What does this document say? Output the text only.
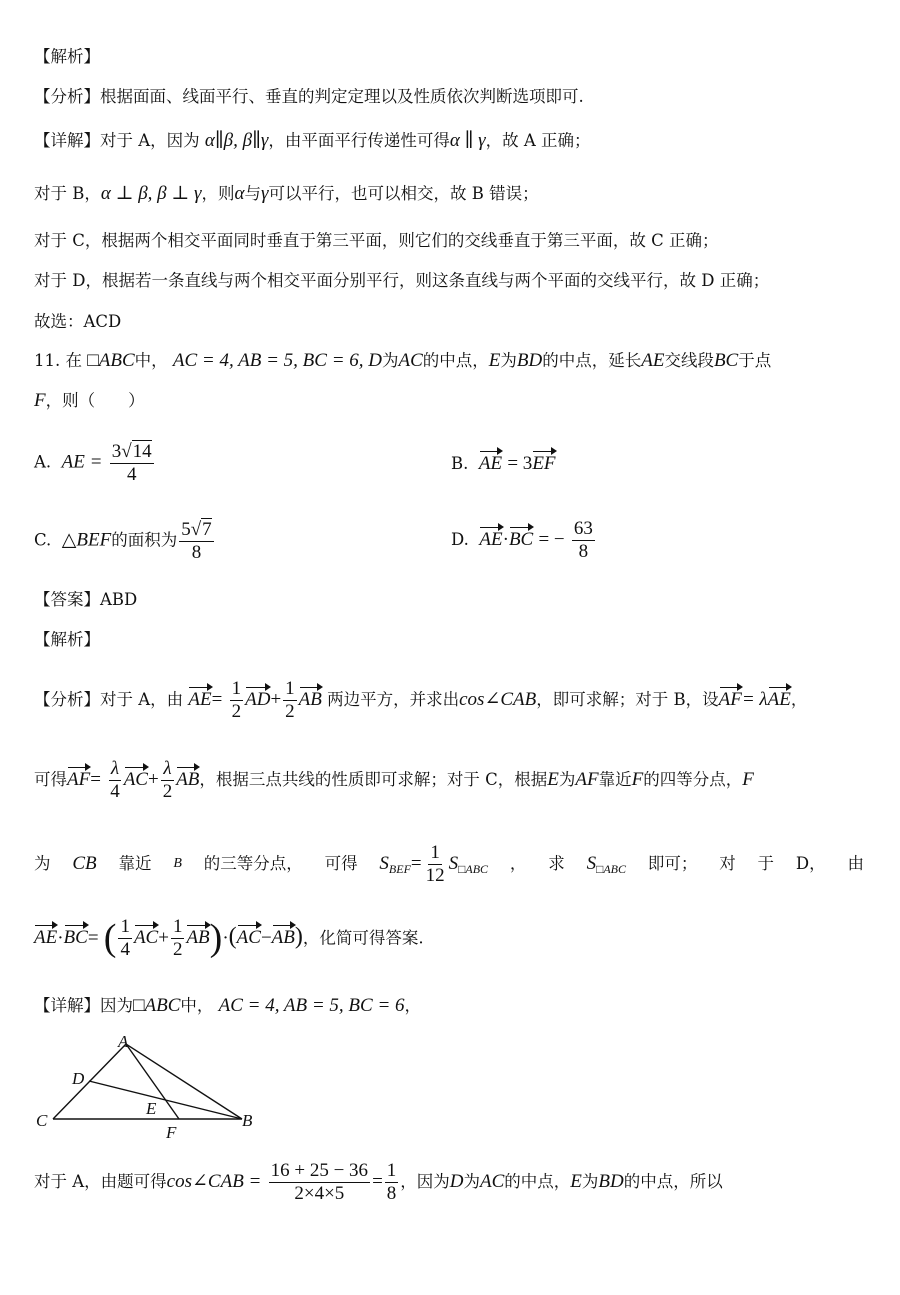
【解析】
【分析】根据面面、线面平行、垂直的判定定理以及性质依次判断选项即可.
【详解】对于 A，因为 α∥β, β∥γ，由平面平行传递性可得α ∥ γ，故 A 正确；
对于 B，α ⊥ β, β ⊥ γ，则α与γ可以平行，也可以相交，故 B 错误；
对于 C，根据两个相交平面同时垂直于第三平面，则它们的交线垂直于第三平面，故 C 正确；
对于 D，根据若一条直线与两个相交平面分别平行，则这条直线与两个平面的交线平行，故 D 正确；
故选：ACD
11. 在 □ABC中， AC = 4, AB = 5, BC = 6, D为AC的中点，E为BD的中点，延长AE交线段BC于点
F，则（　　）
A. AE = $\frac{3√14}{4}$	B. AE = 3EF
C. △BEF的面积为 $\frac{5√7}{8}$	D. AE·BC = − $\frac{63}{8}$
【答案】ABD
【解析】
【分析】对于 A，由 $AE= \frac{1}{2} AD+ \frac{1}{2}$ AB 两边平方，并求出cos∠CAB，即可求解；对于 B，设AF= λAE，
可得$AF= \frac{\lambda}{4} AC+ \frac{\lambda}{2}$ AB，根据三点共线的性质即可求解；对于 C，根据E为AF靠近F的四等分点，F
为 CB 靠近 B 的三等分点， 可得 $S_{BEF}= \frac{1}{12} S_{□ABC}$ ， 求 $S_{□ABC}$ 即可； 对 于 D， 由
AE·BC= ( $\frac{1}{4} AC+ \frac{1}{2} AB)\cdot(AC-AB)$，化简可得答案.
【详解】因为□ABC中， AC = 4, AB = 5, BC = 6，
A
D
C
E
F
B
对于 A，由题可得cos∠CAB = $\frac{16 + 25 - 36}{2\times 4\times 5} = \frac{1}{8}$ ，因为D为AC的中点，E为BD的中点，所以
